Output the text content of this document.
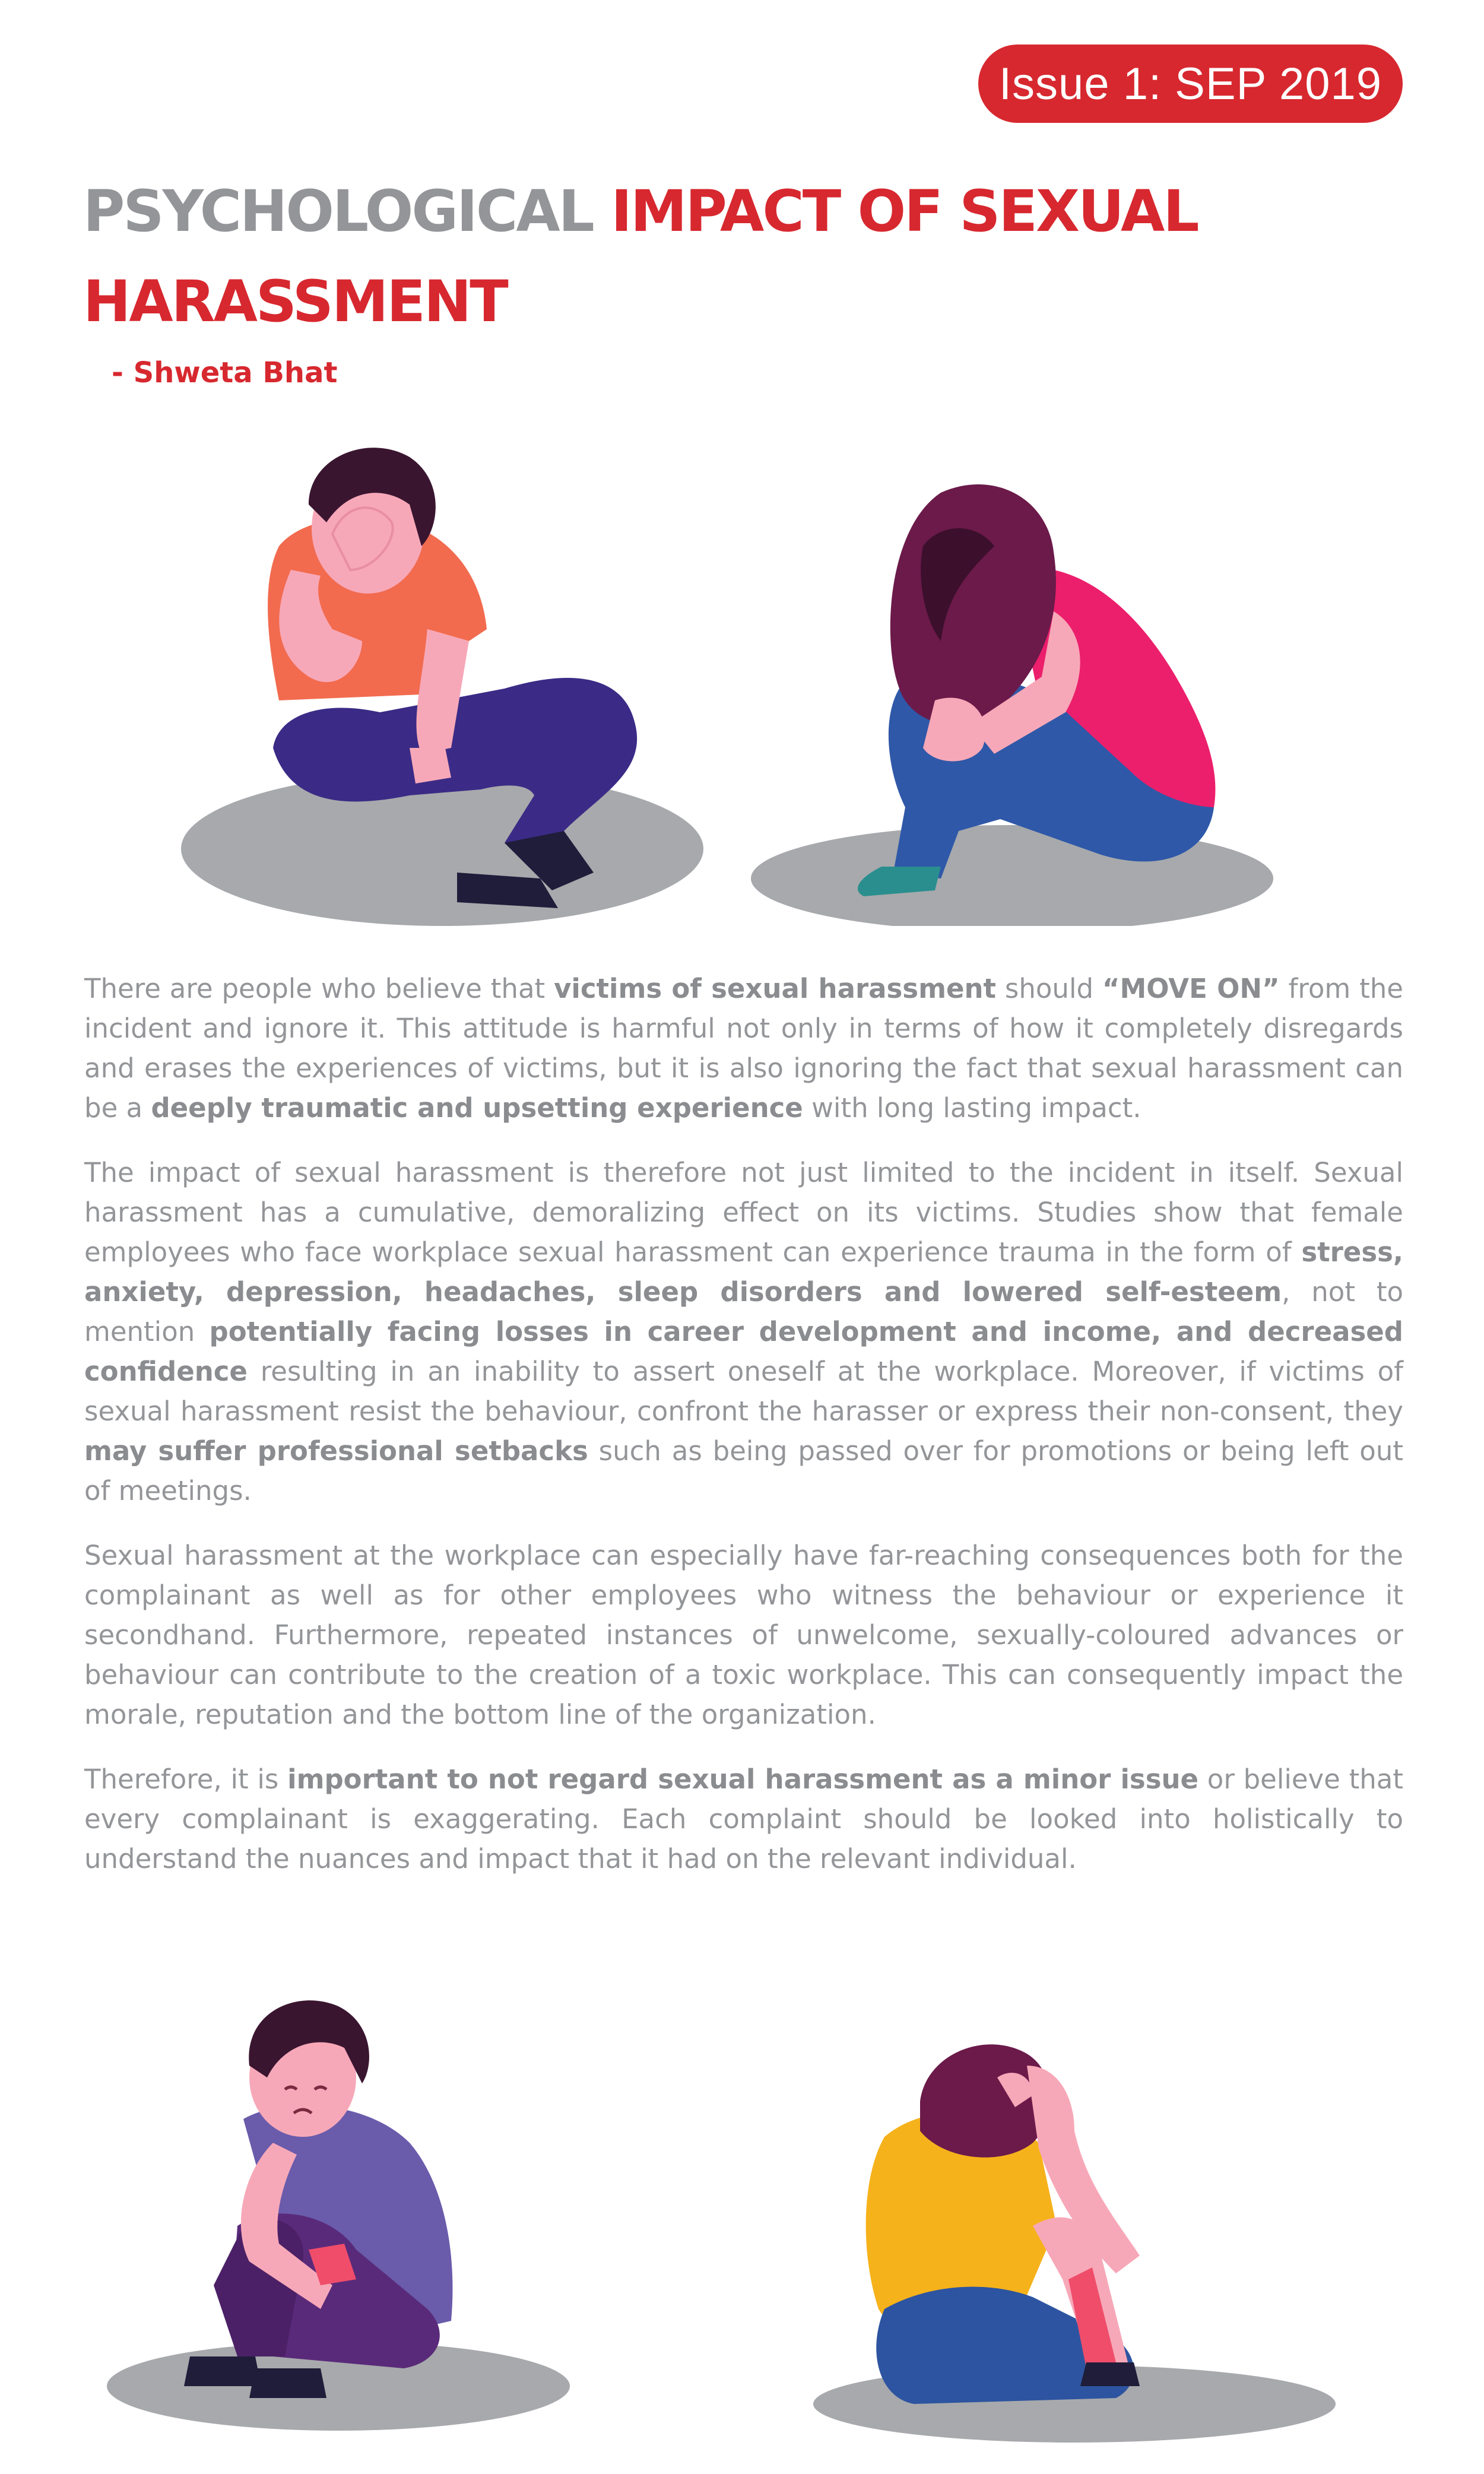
Issue 1: SEP 2019
PSYCHOLOGICAL IMPACT OF SEXUAL HARASSMENT

- Shweta Bhat

There are people who believe that victims of sexual harassment should “MOVE ON” from the incident and ignore it. This attitude is harmful not only in terms of how it completely disregards and erases the experiences of victims, but it is also ignoring the fact that sexual harassment can be a deeply traumatic and upsetting experience with long lasting impact.

The impact of sexual harassment is therefore not just limited to the incident in itself. Sexual harassment has a cumulative, demoralizing effect on its victims. Studies show that female employees who face workplace sexual harassment can experience trauma in the form of stress, anxiety, depression, headaches, sleep disorders and lowered self-esteem, not to mention potentially facing losses in career development and income, and decreased confidence resulting in an inability to assert oneself at the workplace. Moreover, if victims of sexual harassment resist the behaviour, confront the harasser or express their non-consent, they may suffer professional setbacks such as being passed over for promotions or being left out of meetings.

Sexual harassment at the workplace can especially have far-reaching consequences both for the complainant as well as for other employees who witness the behaviour or experience it secondhand. Furthermore, repeated instances of unwelcome, sexually-coloured advances or behaviour can contribute to the creation of a toxic workplace. This can consequently impact the morale, reputation and the bottom line of the organization.

Therefore, it is important to not regard sexual harassment as a minor issue or believe that every complainant is exaggerating. Each complaint should be looked into holistically to understand the nuances and impact that it had on the relevant individual.
